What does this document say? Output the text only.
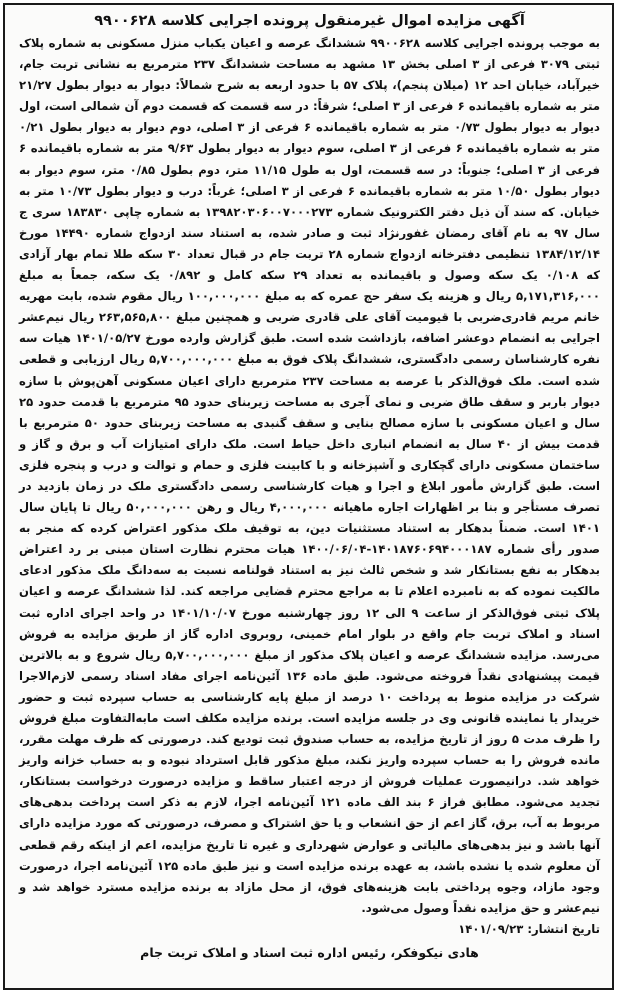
آگهی مزایده اموال غیرمنقول پرونده اجرایی کلاسه ۹۹۰۰۶۲۸

به موجب پرونده اجرایی کلاسه ۹۹۰۰۶۲۸ ششدانگ عرصه و اعیان یکباب منزل مسکونی به شماره پلاک ثبتی ۳۰۷۹ فرعی از ۳ اصلی بخش ۱۳ مشهد به مساحت ششدانگ ۲۳۷ مترمربع به نشانی تربت جام، خیرآباد، خیابان احد ۱۲ (میلان پنجم)، پلاک ۵۷ با حدود اربعه به شرح شمالاً: دیوار به دیوار بطول ۲۱/۲۷ متر به شماره باقیمانده ۶ فرعی از ۳ اصلی؛ شرقاً: در سه قسمت که قسمت دوم آن شمالی است، اول دیوار به دیوار بطول ۰/۷۳ متر به شماره باقیمانده ۶ فرعی از ۳ اصلی، دوم دیوار به دیوار بطول ۰/۲۱ متر به شماره باقیمانده ۶ فرعی از ۳ اصلی، سوم دیوار به دیوار بطول ۹/۶۳ متر به شماره باقیمانده ۶ فرعی از ۳ اصلی؛ جنوباً: در سه قسمت، اول به طول ۱۱/۱۵ متر، دوم بطول ۰/۸۵ متر، سوم دیوار به دیوار بطول ۱۰/۵۰ متر به شماره باقیمانده ۶ فرعی از ۳ اصلی؛ غرباً: درب و دیوار بطول ۱۰/۷۳ متر به خیابان. که سند آن ذیل دفتر الکترونیک شماره ۱۳۹۸۲۰۳۰۶۰۰۷۰۰۰۲۷۳ به شماره چاپی ۱۸۳۸۳۰ سری ج سال ۹۷ به نام آقای رمضان غفورنژاد ثبت و صادر شده، به استناد سند ازدواج شماره ۱۴۴۹۰ مورخ ۱۳۸۴/۱۲/۱۴ تنظیمی دفترخانه ازدواج شماره ۲۸ تربت جام در قبال تعداد ۳۰ سکه طلا تمام بهار آزادی که ۰/۱۰۸ یک سکه وصول و باقیمانده به تعداد ۲۹ سکه کامل و ۰/۸۹۲ یک سکه، جمعاً به مبلغ ۵,۱۷۱,۳۱۶,۰۰۰ ریال و هزینه یک سفر حج عمره که به مبلغ ۱۰۰,۰۰۰,۰۰۰ ریال مقوم شده، بابت مهریه خانم مریم قادری‌ضربی با قیومیت آقای علی قادری ضربی و همچنین مبلغ ۲۶۳,۵۶۵,۸۰۰ ریال نیم‌عشر اجرایی به انضمام دوعشر اضافه، بازداشت شده است. طبق گزارش وارده مورخ ۱۴۰۱/۰۵/۲۷ هیات سه نفره کارشناسان رسمی دادگستری، ششدانگ پلاک فوق به مبلغ ۵,۷۰۰,۰۰۰,۰۰۰ ریال ارزیابی و قطعی شده است. ملک فوق‌الذکر با عرصه به مساحت ۲۳۷ مترمربع دارای اعیان مسکونی آهن‌پوش با سازه دیوار باربر و سقف طاق ضربی و نمای آجری به مساحت زیربنای حدود ۹۵ مترمربع با قدمت حدود ۲۵ سال و اعیان مسکونی با سازه مصالح بنایی و سقف گنبدی به مساحت زیربنای حدود ۵۰ مترمربع با قدمت بیش از ۴۰ سال به انضمام انباری داخل حیاط است. ملک دارای امتیازات آب و برق و گاز و ساختمان مسکونی دارای گچکاری و آشپزخانه و با کابینت فلزی و حمام و توالت و درب و پنجره فلزی است. طبق گزارش مأمور ابلاغ و اجرا و هیات کارشناسی رسمی دادگستری ملک در زمان بازدید در تصرف مستأجر و بنا بر اظهارات اجاره ماهیانه ۴,۰۰۰,۰۰۰ ریال و رهن ۵۰,۰۰۰,۰۰۰ ریال تا پایان سال ۱۴۰۱ است. ضمناً بدهکار به استناد مستثنیات دین، به توقیف ملک مذکور اعتراض کرده که منجر به صدور رأی شماره ۱۴۰۱۸۷۶۰۶۹۴۰۰۰۱۸۷-۱۴۰۰/۰۶/۰۴ هیات محترم نظارت استان مبنی بر رد اعتراض بدهکار به نفع بستانکار شد و شخص ثالث نیز به استناد قولنامه نسبت به سه‌دانگ ملک مذکور ادعای مالکیت نموده که به نامبرده اعلام تا به مراجع محترم قضایی مراجعه کند. لذا ششدانگ عرصه و اعیان پلاک ثبتی فوق‌الذکر از ساعت ۹ الی ۱۲ روز چهارشنبه مورخ ۱۴۰۱/۱۰/۰۷ در واحد اجرای اداره ثبت اسناد و املاک تربت جام واقع در بلوار امام خمینی، روبروی اداره گاز از طریق مزایده به فروش می‌رسد. مزایده ششدانگ عرصه و اعیان پلاک مذکور از مبلغ ۵,۷۰۰,۰۰۰,۰۰۰ ریال شروع و به بالاترین قیمت پیشنهادی نقداً فروخته می‌شود. طبق ماده ۱۳۶ آئین‌نامه اجرای مفاد اسناد رسمی لازم‌الاجرا شرکت در مزایده منوط به پرداخت ۱۰ درصد از مبلغ پایه کارشناسی به حساب سپرده ثبت و حضور خریدار یا نماینده قانونی وی در جلسه مزایده است. برنده مزایده مکلف است مابه‌التفاوت مبلغ فروش را ظرف مدت ۵ روز از تاریخ مزایده، به حساب صندوق ثبت تودیع کند. درصورتی که ظرف مهلت مقرر، مانده فروش را به حساب سپرده واریز نکند، مبلغ مذکور قابل استرداد نبوده و به حساب خزانه واریز خواهد شد. درانیصورت عملیات فروش از درجه اعتبار ساقط و مزایده درصورت درخواست بستانکار، تجدید می‌شود. مطابق فراز ۶ بند الف ماده ۱۲۱ آئین‌نامه اجرا، لازم به ذکر است پرداخت بدهی‌های مربوط به آب، برق، گاز اعم از حق انشعاب و یا حق اشتراک و مصرف، درصورتی که مورد مزایده دارای آنها باشد و نیز بدهی‌های مالیاتی و عوارض شهرداری و غیره تا تاریخ مزایده، اعم از اینکه رقم قطعی آن معلوم شده یا نشده باشد، به عهده برنده مزایده است و نیز طبق ماده ۱۲۵ آئین‌نامه اجرا، درصورت وجود مازاد، وجوه پرداختی بابت هزینه‌های فوق، از محل مازاد به برنده مزایده مسترد خواهد شد و نیم‌عشر و حق مزایده نقداً وصول می‌شود.

تاریخ انتشار: ۱۴۰۱/۰۹/۲۳
هادی نیکوفکر، رئیس اداره ثبت اسناد و املاک تربت جام
